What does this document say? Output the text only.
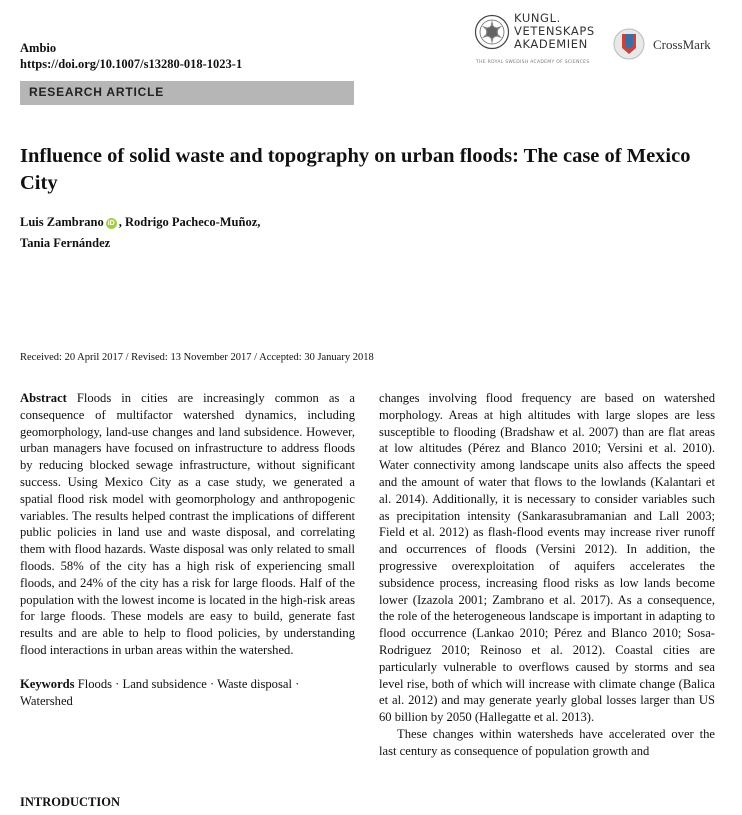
Ambio
https://doi.org/10.1007/s13280-018-1023-1
KUNGL.
VETENSKAPS
AKADEMIEN
THE ROYAL SWEDISH ACADEMY OF SCIENCES
CrossMark
RESEARCH ARTICLE
Influence of solid waste and topography on urban floods: The case of Mexico City
Luis Zambrano iD , Rodrigo Pacheco-Muñoz,
Tania Fernández
Received: 20 April 2017 / Revised: 13 November 2017 / Accepted: 30 January 2018

Abstract Floods in cities are increasingly common as a consequence of multifactor watershed dynamics, including geomorphology, land-use changes and land subsidence. However, urban managers have focused on infrastructure to address floods by reducing blocked sewage infrastructure, without significant success. Using Mexico City as a case study, we generated a spatial flood risk model with geomorphology and anthropogenic variables. The results helped contrast the implications of different public policies in land use and waste disposal, and correlating them with flood hazards. Waste disposal was only related to small floods. 58% of the city has a high risk of experiencing small floods, and 24% of the city has a risk for large floods. Half of the population with the lowest income is located in the high-risk areas for large floods. These models are easy to build, generate fast results and are able to help to flood policies, by understanding flood interactions in urban areas within the watershed.

Keywords Floods · Land subsidence · Waste disposal · Watershed

INTRODUCTION

changes involving flood frequency are based on watershed morphology. Areas at high altitudes with large slopes are less susceptible to flooding (Bradshaw et al. 2007) than are flat areas at low altitudes (Pérez and Blanco 2010; Versini et al. 2010). Water connectivity among landscape units also affects the speed and the amount of water that flows to the lowlands (Kalantari et al. 2014). Additionally, it is necessary to consider variables such as precipitation intensity (Sankarasubramanian and Lall 2003; Field et al. 2012) as flash-flood events may increase river runoff and occurrences of floods (Versini 2012). In addition, the progressive overexploitation of aquifers accelerates the subsidence process, increasing flood risks as low lands become lower (Izazola 2001; Zambrano et al. 2017). As a consequence, the role of the heterogeneous landscape is important in adapting to flood occurrence (Lankao 2010; Pérez and Blanco 2010; Sosa-Rodriguez 2010; Reinoso et al. 2012). Coastal cities are particularly vulnerable to overflows caused by storms and sea level rise, both of which will increase with climate change (Balica et al. 2012) and may generate yearly global losses larger than US 60 billion by 2050 (Hallegatte et al. 2013).

These changes within watersheds have accelerated over the last century as consequence of population growth and
